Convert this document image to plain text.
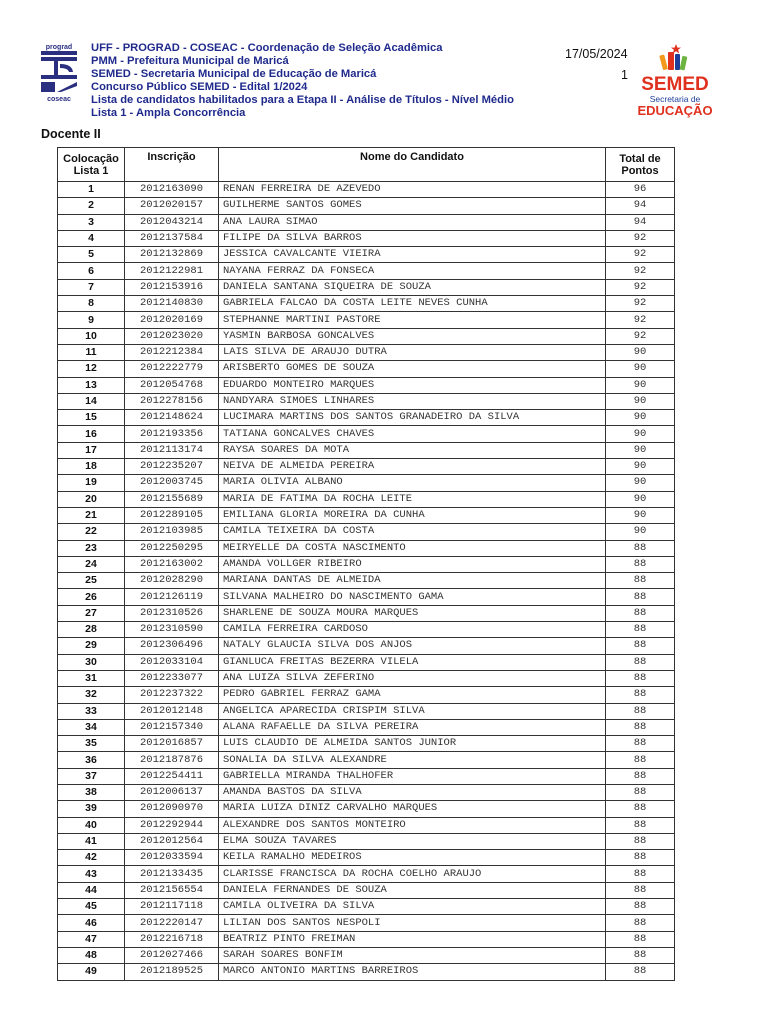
prograd
coseac
UFF - PROGRAD - COSEAC - Coordenação de Seleção Acadêmica
PMM - Prefeitura Municipal de Maricá
SEMED - Secretaria Municipal de Educação de Maricá
Concurso Público SEMED - Edital 1/2024
Lista de candidatos habilitados para a Etapa II - Análise de Títulos - Nível Médio
Lista 1 - Ampla Concorrência
17/05/2024
1 SEMED
Secretaria de
EDUCAÇÃO
Docente II
Colocação
Lista 1	Inscrição	Nome do Candidato	Total de
Pontos
1	2012163090	RENAN FERREIRA DE AZEVEDO	96
2	2012020157	GUILHERME SANTOS GOMES	94
3	2012043214	ANA LAURA SIMAO	94
4	2012137584	FILIPE DA SILVA BARROS	92
5	2012132869	JESSICA CAVALCANTE VIEIRA	92
6	2012122981	NAYANA FERRAZ DA FONSECA	92
7	2012153916	DANIELA SANTANA SIQUEIRA DE SOUZA	92
8	2012140830	GABRIELA FALCAO DA COSTA LEITE NEVES CUNHA	92
9	2012020169	STEPHANNE MARTINI PASTORE	92
10	2012023020	YASMIN BARBOSA GONCALVES	92
11	2012212384	LAIS SILVA DE ARAUJO DUTRA	90
12	2012222779	ARISBERTO GOMES DE SOUZA	90
13	2012054768	EDUARDO MONTEIRO MARQUES	90
14	2012278156	NANDYARA SIMOES LINHARES	90
15	2012148624	LUCIMARA MARTINS DOS SANTOS GRANADEIRO DA SILVA	90
16	2012193356	TATIANA GONCALVES CHAVES	90
17	2012113174	RAYSA SOARES DA MOTA	90
18	2012235207	NEIVA DE ALMEIDA PEREIRA	90
19	2012003745	MARIA OLIVIA ALBANO	90
20	2012155689	MARIA DE FATIMA DA ROCHA LEITE	90
21	2012289105	EMILIANA GLORIA MOREIRA DA CUNHA	90
22	2012103985	CAMILA TEIXEIRA DA COSTA	90
23	2012250295	MEIRYELLE DA COSTA NASCIMENTO	88
24	2012163002	AMANDA VOLLGER RIBEIRO	88
25	2012028290	MARIANA DANTAS DE ALMEIDA	88
26	2012126119	SILVANA MALHEIRO DO NASCIMENTO GAMA	88
27	2012310526	SHARLENE DE SOUZA MOURA MARQUES	88
28	2012310590	CAMILA FERREIRA CARDOSO	88
29	2012306496	NATALY GLAUCIA SILVA DOS ANJOS	88
30	2012033104	GIANLUCA FREITAS BEZERRA VILELA	88
31	2012233077	ANA LUIZA SILVA ZEFERINO	88
32	2012237322	PEDRO GABRIEL FERRAZ GAMA	88
33	2012012148	ANGELICA APARECIDA CRISPIM SILVA	88
34	2012157340	ALANA RAFAELLE DA SILVA PEREIRA	88
35	2012016857	LUIS CLAUDIO DE ALMEIDA SANTOS JUNIOR	88
36	2012187876	SONALIA DA SILVA ALEXANDRE	88
37	2012254411	GABRIELLA MIRANDA THALHOFER	88
38	2012006137	AMANDA BASTOS DA SILVA	88
39	2012090970	MARIA LUIZA DINIZ CARVALHO MARQUES	88
40	2012292944	ALEXANDRE DOS SANTOS MONTEIRO	88
41	2012012564	ELMA SOUZA TAVARES	88
42	2012033594	KEILA RAMALHO MEDEIROS	88
43	2012133435	CLARISSE FRANCISCA DA ROCHA COELHO ARAUJO	88
44	2012156554	DANIELA FERNANDES DE SOUZA	88
45	2012117118	CAMILA OLIVEIRA DA SILVA	88
46	2012220147	LILIAN DOS SANTOS NESPOLI	88
47	2012216718	BEATRIZ PINTO FREIMAN	88
48	2012027466	SARAH SOARES BONFIM	88
49	2012189525	MARCO ANTONIO MARTINS BARREIROS	88
